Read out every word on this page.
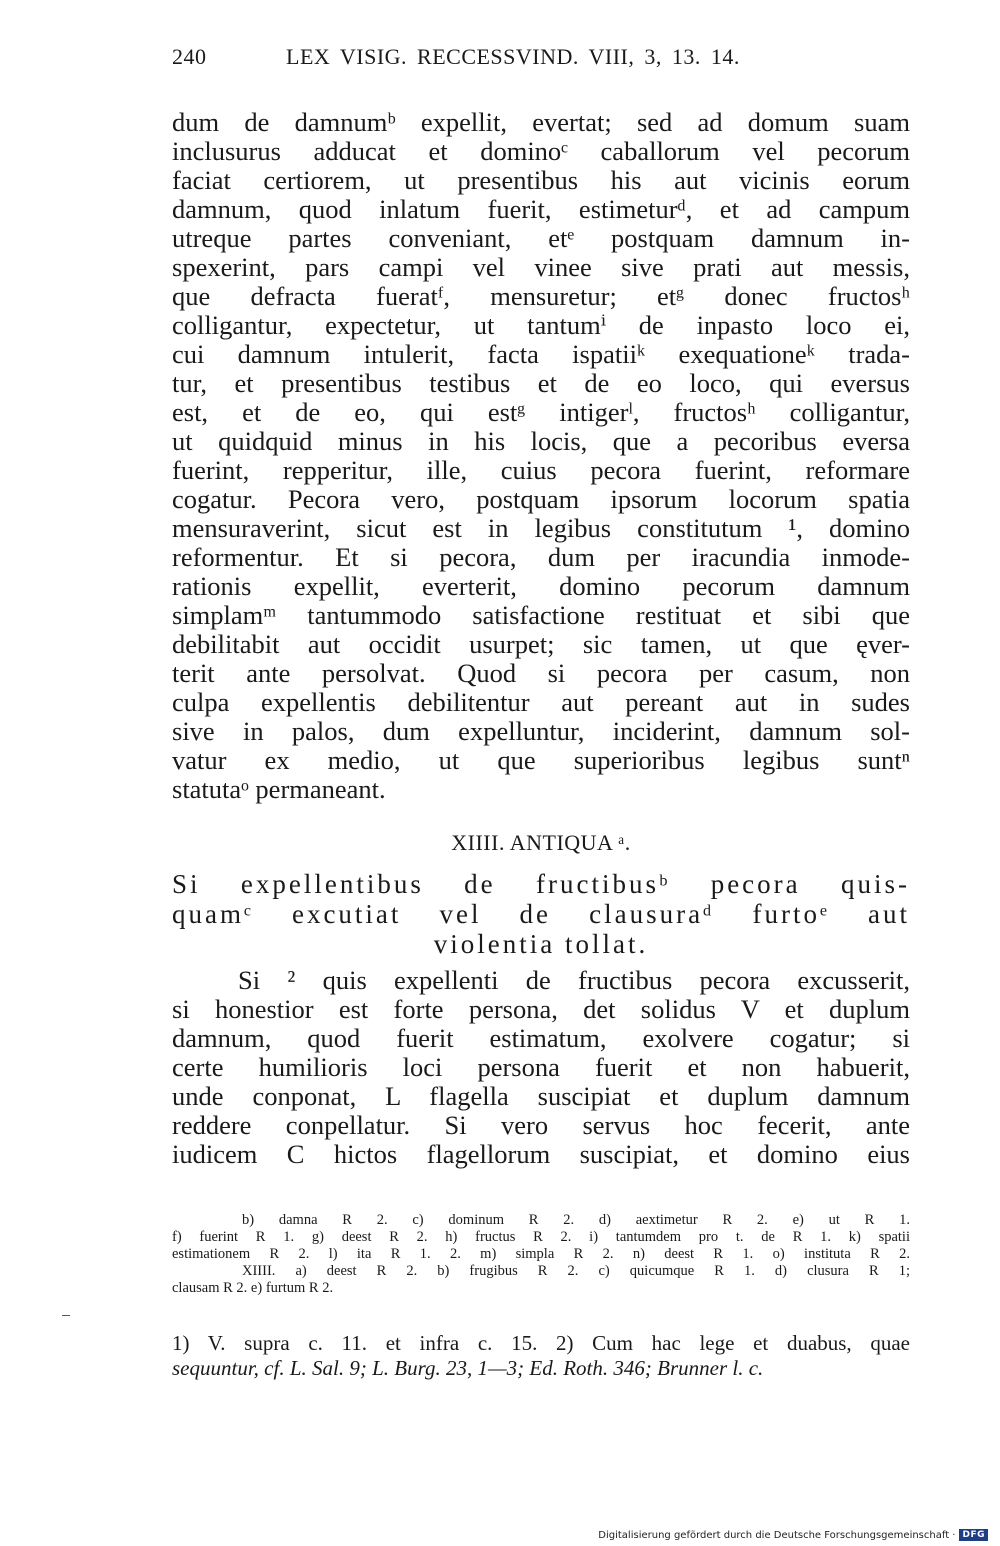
240	LEX VISIG. RECCESSVIND. VIII, 3, 13. 14.
dum de damnumᵇ expellit, evertat; sed ad domum suam
inclusurus adducat et dominoᶜ caballorum vel pecorum
faciat certiorem, ut presentibus his aut vicinis eorum
damnum, quod inlatum fuerit, estimeturᵈ, et ad campum
utreque partes conveniant, etᵉ postquam damnum in-
spexerint, pars campi vel vinee sive prati aut messis,
que defracta fueratᶠ, mensuretur; etᵍ donec fructosʰ
colligantur, expectetur, ut tantumⁱ de inpasto loco ei,
cui damnum intulerit, facta ispatiiᵏ exequationeᵏ trada-
tur, et presentibus testibus et de eo loco, qui eversus
est, et de eo, qui estᵍ intigerˡ, fructosʰ colligantur,
ut quidquid minus in his locis, que a pecoribus eversa
fuerint, repperitur, ille, cuius pecora fuerint, reformare
cogatur. Pecora vero, postquam ipsorum locorum spatia
mensuraverint, sicut est in legibus constitutum ¹, domino
reformentur. Et si pecora, dum per iracundia inmode-
rationis expellit, everterit, domino pecorum damnum
simplamᵐ tantummodo satisfactione restituat et sibi que
debilitabit aut occidit usurpet; sic tamen, ut que ęver-
terit ante persolvat. Quod si pecora per casum, non
culpa expellentis debilitentur aut pereant aut in sudes
sive in palos, dum expelluntur, inciderint, damnum sol-
vatur ex medio, ut que superioribus legibus suntⁿ
statutaᵒ permaneant.
XIIII. ANTIQUA ᵃ.
Si expellentibus de fructibusᵇ pecora quis-
quamᶜ excutiat vel de clausuraᵈ furtoᵉ aut
violentia tollat.
Si ² quis expellenti de fructibus pecora excusserit,
si honestior est forte persona, det solidus V et duplum
damnum, quod fuerit estimatum, exolvere cogatur; si
certe humilioris loci persona fuerit et non habuerit,
unde conponat, L flagella suscipiat et duplum damnum
reddere conpellatur. Si vero servus hoc fecerit, ante
iudicem C hictos flagellorum suscipiat, et domino eius
b) damna R 2. c) dominum R 2. d) aextimetur R 2. e) ut R 1.
f) fuerint R 1. g) deest R 2. h) fructus R 2. i) tantumdem pro t. de R 1. k) spatii
estimationem R 2. l) ita R 1. 2. m) simpla R 2. n) deest R 1. o) instituta R 2.
XIIII. a) deest R 2. b) frugibus R 2. c) quicumque R 1. d) clusura R 1;
clausam R 2. e) furtum R 2.
1) V. supra c. 11. et infra c. 15. 2) Cum hac lege et duabus, quae
sequuntur, cf. L. Sal. 9; L. Burg. 23, 1—3; Ed. Roth. 346; Brunner l. c.
Digitalisierung gefördert durch die Deutsche Forschungsgemeinschaft · DFG
